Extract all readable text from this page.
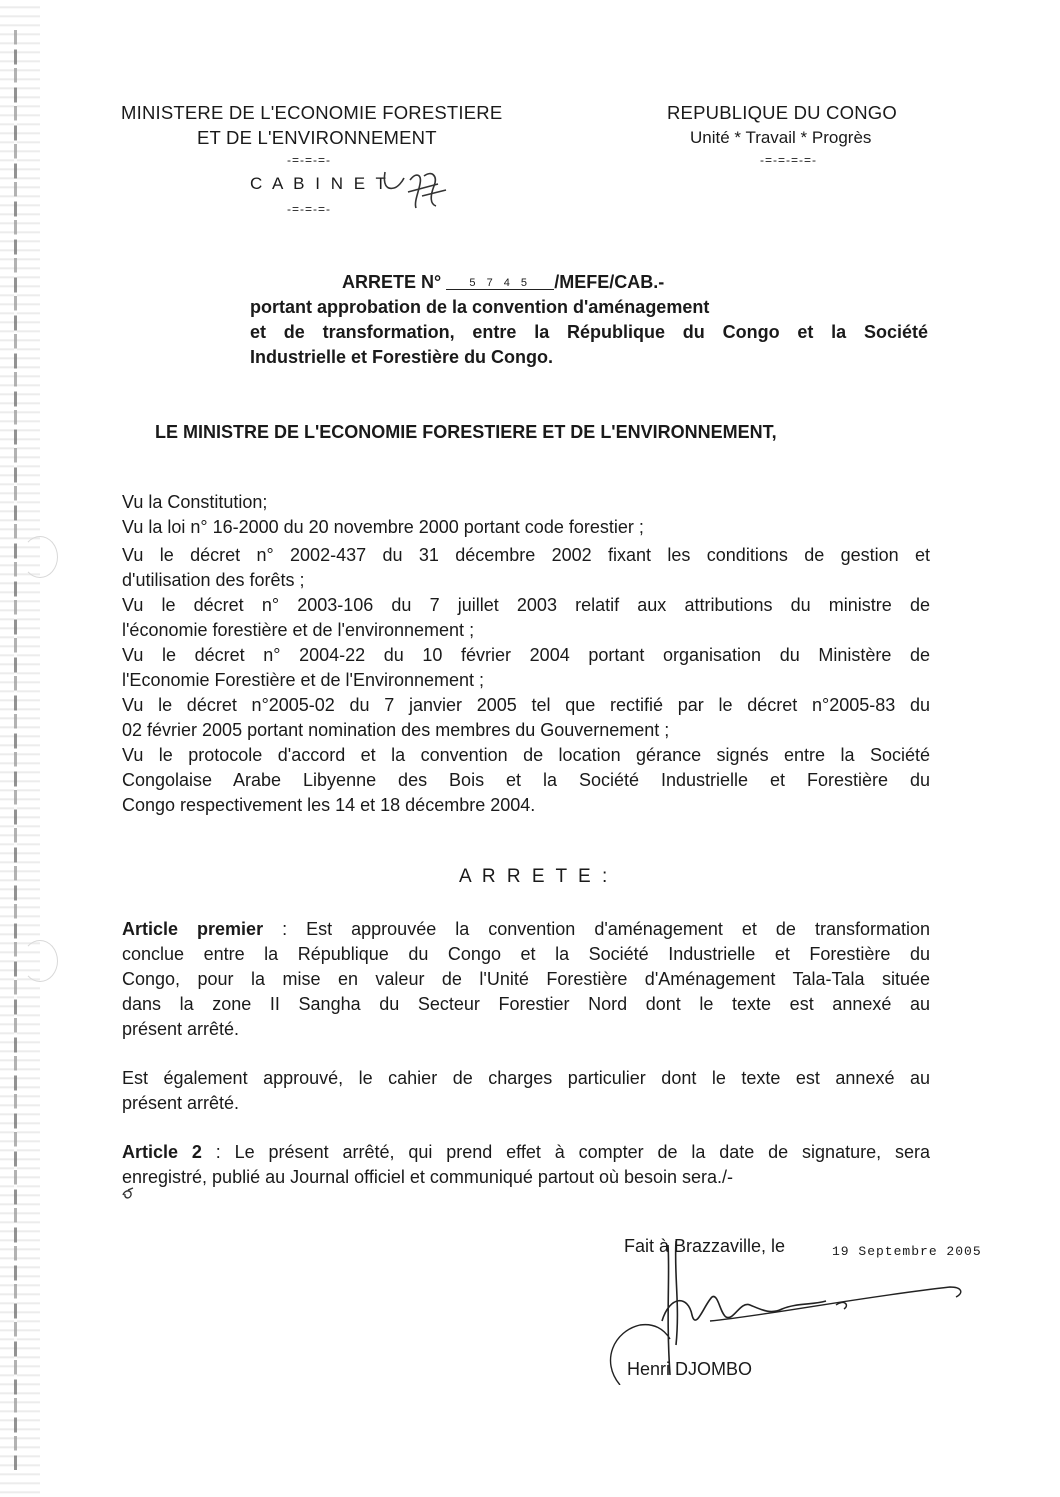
MINISTERE DE L'ECONOMIE FORESTIERE
ET DE L'ENVIRONNEMENT
-=-=-=-
C A B I N E T
-=-=-=-
REPUBLIQUE DU CONGO
Unité * Travail * Progrès
-=-=-=-=-
ARRETE N°	5 7 4 5 /MEFE/CAB.-
portant approbation de la convention d'aménagement
et de transformation, entre la République du Congo et la Société
Industrielle et Forestière du Congo.
LE MINISTRE DE L'ECONOMIE FORESTIERE ET DE L'ENVIRONNEMENT,
Vu la Constitution;
Vu la loi n° 16-2000 du 20 novembre 2000 portant code forestier ;
Vu le décret n° 2002-437 du 31 décembre 2002 fixant les conditions de gestion et
d'utilisation des forêts ;
Vu le décret n° 2003-106 du 7 juillet 2003 relatif aux attributions du ministre de
l'économie forestière et de l'environnement ;
Vu le décret n° 2004-22 du 10 février 2004 portant organisation du Ministère de
l'Economie Forestière et de l'Environnement ;
Vu le décret n°2005-02 du 7 janvier 2005 tel que rectifié par le décret n°2005-83 du
02 février 2005 portant nomination des membres du Gouvernement ;
Vu le protocole d'accord et la convention de location gérance signés entre la Société
Congolaise Arabe Libyenne des Bois et la Société Industrielle et Forestière du
Congo respectivement les 14 et 18 décembre 2004.
A R R E T E :
Article premier : Est approuvée la convention d'aménagement et de transformation
conclue entre la République du Congo et la Société Industrielle et Forestière du
Congo, pour la mise en valeur de l'Unité Forestière d'Aménagement Tala-Tala située
dans la zone II Sangha du Secteur Forestier Nord dont le texte est annexé au
présent arrêté.
Est également approuvé, le cahier de charges particulier dont le texte est annexé au
présent arrêté.
Article 2 : Le présent arrêté, qui prend effet à compter de la date de signature, sera
enregistré, publié au Journal officiel et communiqué partout où besoin sera./-
Fait à Brazzaville, le	19 Septembre 2005
Henri DJOMBO
